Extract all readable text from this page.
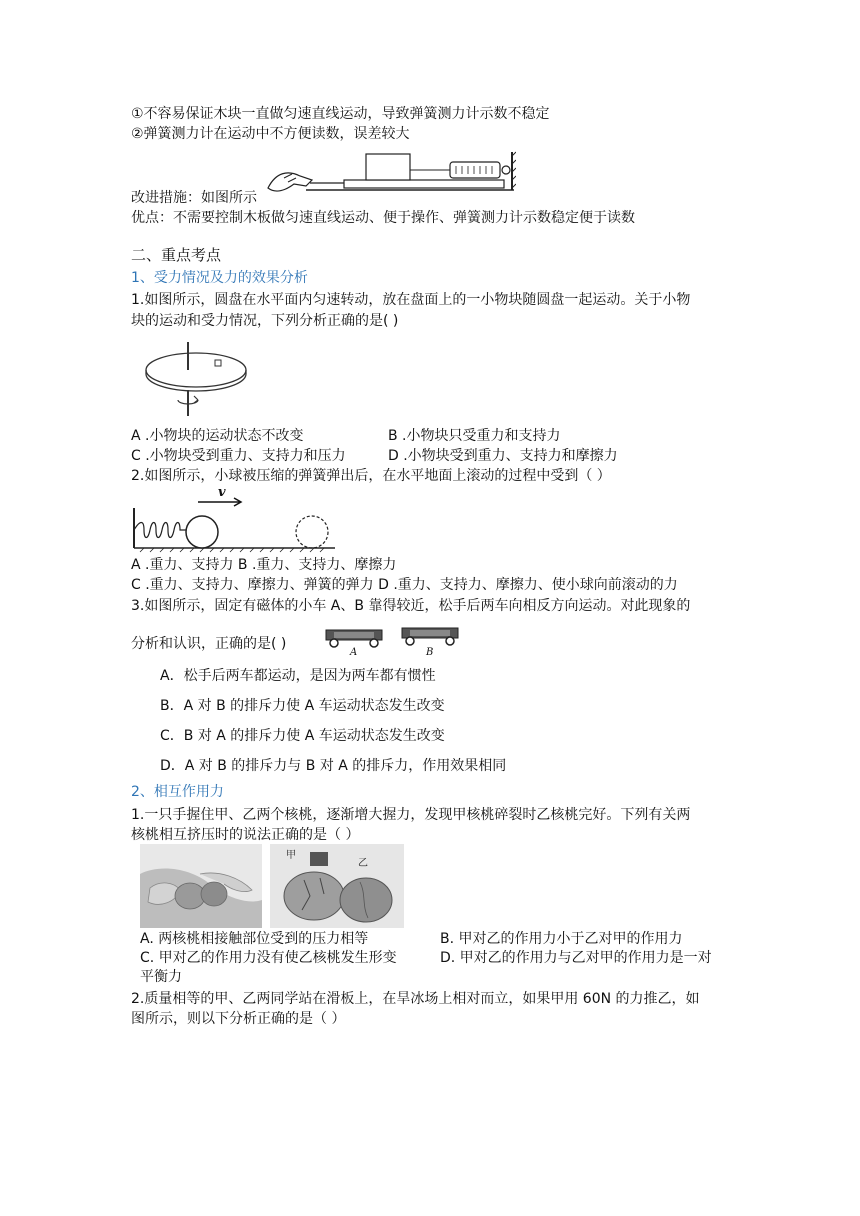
①不容易保证木块一直做匀速直线运动，导致弹簧测力计示数不稳定
②弹簧测力计在运动中不方便读数，误差较大
改进措施：如图所示
优点：不需要控制木板做匀速直线运动、便于操作、弹簧测力计示数稳定便于读数
二、重点考点
1、受力情况及力的效果分析
1.如图所示，圆盘在水平面内匀速转动，放在盘面上的一小物块随圆盘一起运动。关于小物
块的运动和受力情况，下列分析正确的是( )
A .小物块的运动状态不改变	B .小物块只受重力和支持力
C .小物块受到重力、支持力和压力	D .小物块受到重力、支持力和摩擦力
2.如图所示，小球被压缩的弹簧弹出后，在水平地面上滚动的过程中受到（ ）
v
A .重力、支持力 B .重力、支持力、摩擦力
C .重力、支持力、摩擦力、弹簧的弹力 D .重力、支持力、摩擦力、使小球向前滚动的力
3.如图所示，固定有磁体的小车 A、B 靠得较近，松手后两车向相反方向运动。对此现象的
分析和认识，正确的是( )
A	B
A．松手后两车都运动，是因为两车都有惯性
B．A 对 B 的排斥力使 A 车运动状态发生改变
C．B 对 A 的排斥力使 A 车运动状态发生改变
D．A 对 B 的排斥力与 B 对 A 的排斥力，作用效果相同
2、相互作用力
1.一只手握住甲、乙两个核桃，逐渐增大握力，发现甲核桃碎裂时乙核桃完好。下列有关两
核桃相互挤压时的说法正确的是（ ）
甲
乙
A. 两核桃相接触部位受到的压力相等	B. 甲对乙的作用力小于乙对甲的作用力
C. 甲对乙的作用力没有使乙核桃发生形变	D. 甲对乙的作用力与乙对甲的作用力是一对
平衡力
2.质量相等的甲、乙两同学站在滑板上，在旱冰场上相对而立，如果甲用 60N 的力推乙，如
图所示，则以下分析正确的是（ ）
